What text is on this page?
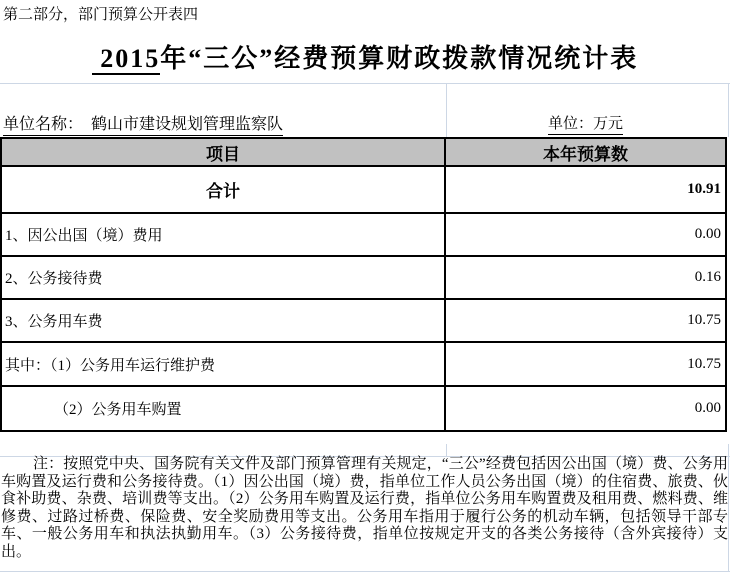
第二部分，部门预算公开表四
2015年“三公”经费预算财政拨款情况统计表
单位名称：  鹤山市建设规划管理监察队	单位：万元
项目	本年预算数
合计	10.91
1、因公出国（境）费用	0.00
2、公务接待费	0.16
3、公务用车费	10.75
其中：（1）公务用车运行维护费	10.75
（2）公务用车购置	0.00
注：按照党中央、国务院有关文件及部门预算管理有关规定，“三公”经费包括因公出国（境）费、公务用车购置及运行费和公务接待费。（1）因公出国（境）费，指单位工作人员公务出国（境）的住宿费、旅费、伙食补助费、杂费、培训费等支出。（2）公务用车购置及运行费，指单位公务用车购置费及租用费、燃料费、维修费、过路过桥费、保险费、安全奖励费用等支出。公务用车指用于履行公务的机动车辆，包括领导干部专车、一般公务用车和执法执勤用车。（3）公务接待费，指单位按规定开支的各类公务接待（含外宾接待）支出。
